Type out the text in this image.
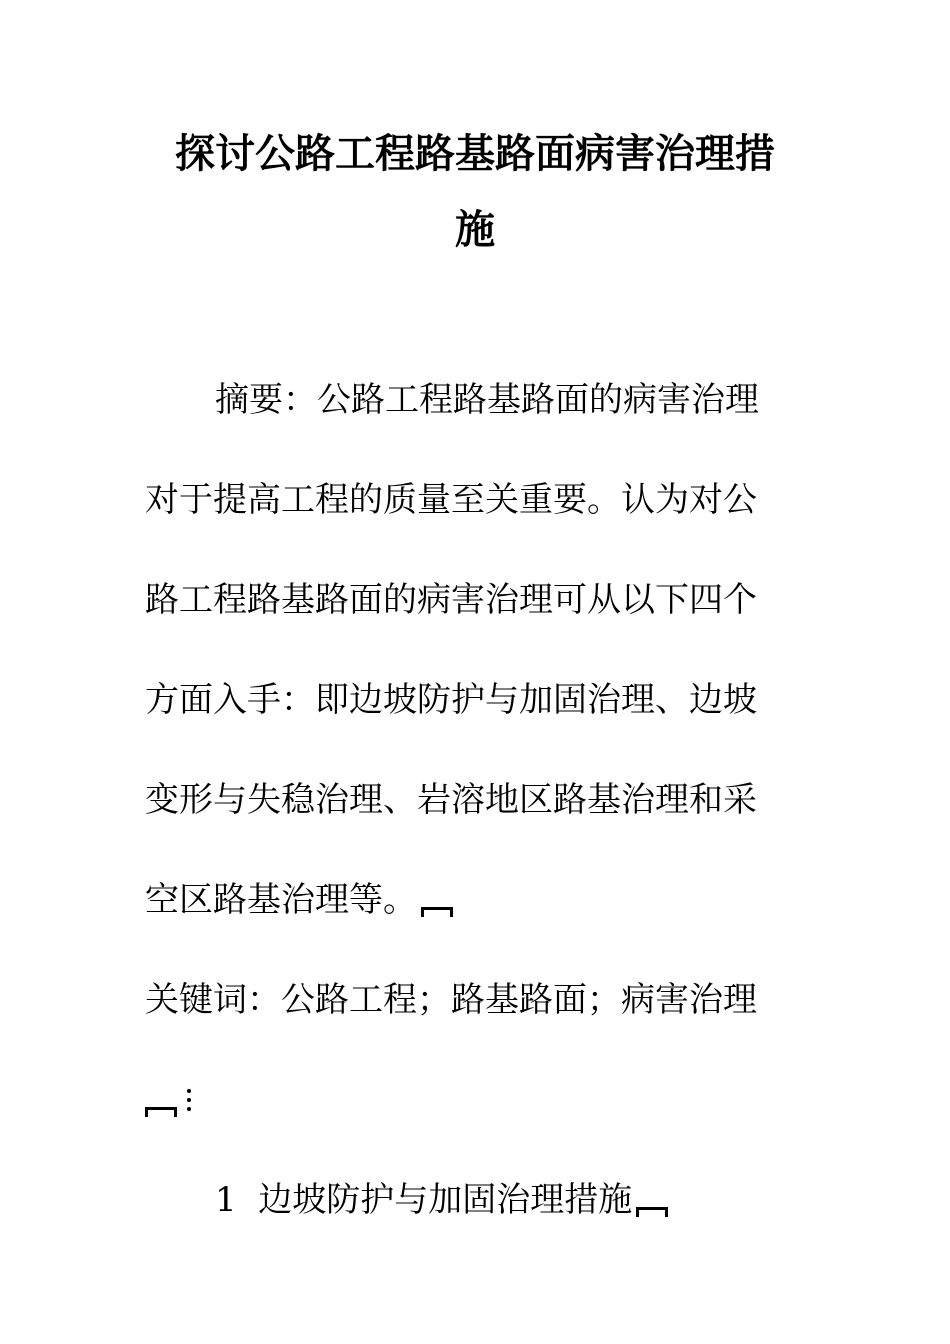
探讨公路工程路基路面病害治理措
施
摘要：公路工程路基路面的病害治理
对于提高工程的质量至关重要。认为对公
路工程路基路面的病害治理可从以下四个
方面入手：即边坡防护与加固治理、边坡
变形与失稳治理、岩溶地区路基治理和采
空区路基治理等。
关键词：公路工程；路基路面；病害治理
1 边坡防护与加固治理措施
